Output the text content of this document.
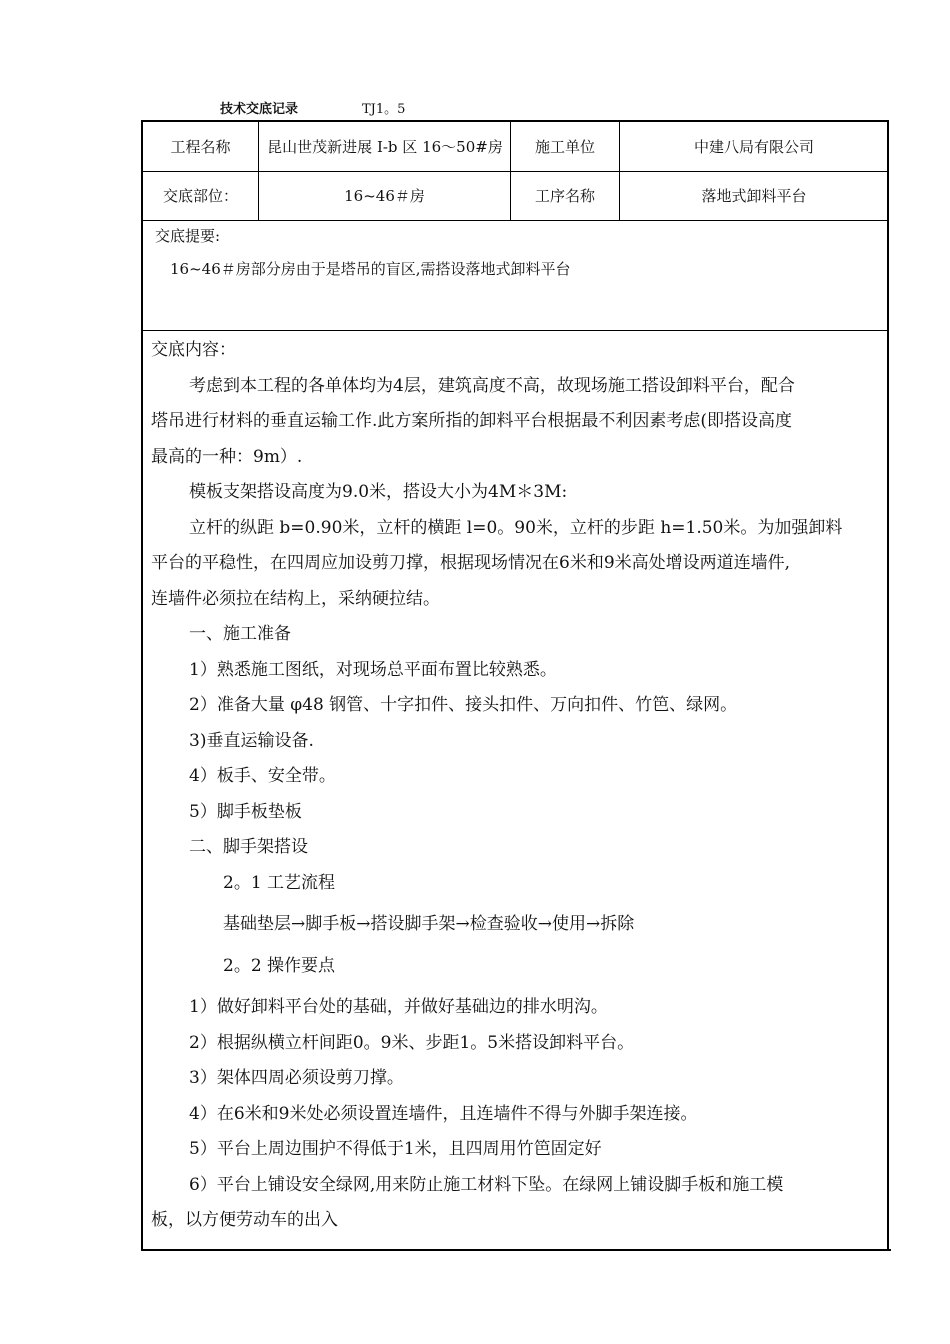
技术交底记录	TJ1。5
工程名称	昆山世茂新进展 I-b 区 16～50#房	施工单位	中建八局有限公司
交底部位：	16~46＃房	工序名称	落地式卸料平台
交底提要:
16~46＃房部分房由于是塔吊的盲区,需搭设落地式卸料平台

交底内容：

考虑到本工程的各单体均为4层，建筑高度不高，故现场施工搭设卸料平台，配合

塔吊进行材料的垂直运输工作.此方案所指的卸料平台根据最不利因素考虑(即搭设高度

最高的一种：9m）.

模板支架搭设高度为9.0米，搭设大小为4M＊3M:

立杆的纵距 b=0.90米，立杆的横距 l=0。90米，立杆的步距 h=1.50米。为加强卸料

平台的平稳性，在四周应加设剪刀撑，根据现场情况在6米和9米高处增设两道连墙件,

连墙件必须拉在结构上，采纳硬拉结。

一、施工准备

1）熟悉施工图纸，对现场总平面布置比较熟悉。

2）准备大量 φ48 钢管、十字扣件、接头扣件、万向扣件、竹笆、绿网。

3)垂直运输设备.

4）板手、安全带。

5）脚手板垫板

二、脚手架搭设

2。1 工艺流程

基础垫层→脚手板→搭设脚手架→检查验收→使用→拆除

2。2 操作要点

1）做好卸料平台处的基础，并做好基础边的排水明沟。

2）根据纵横立杆间距0。9米、步距1。5米搭设卸料平台。

3）架体四周必须设剪刀撑。

4）在6米和9米处必须设置连墙件，且连墙件不得与外脚手架连接。

5）平台上周边围护不得低于1米，且四周用竹笆固定好

6）平台上铺设安全绿网,用来防止施工材料下坠。在绿网上铺设脚手板和施工模

板，以方便劳动车的出入
